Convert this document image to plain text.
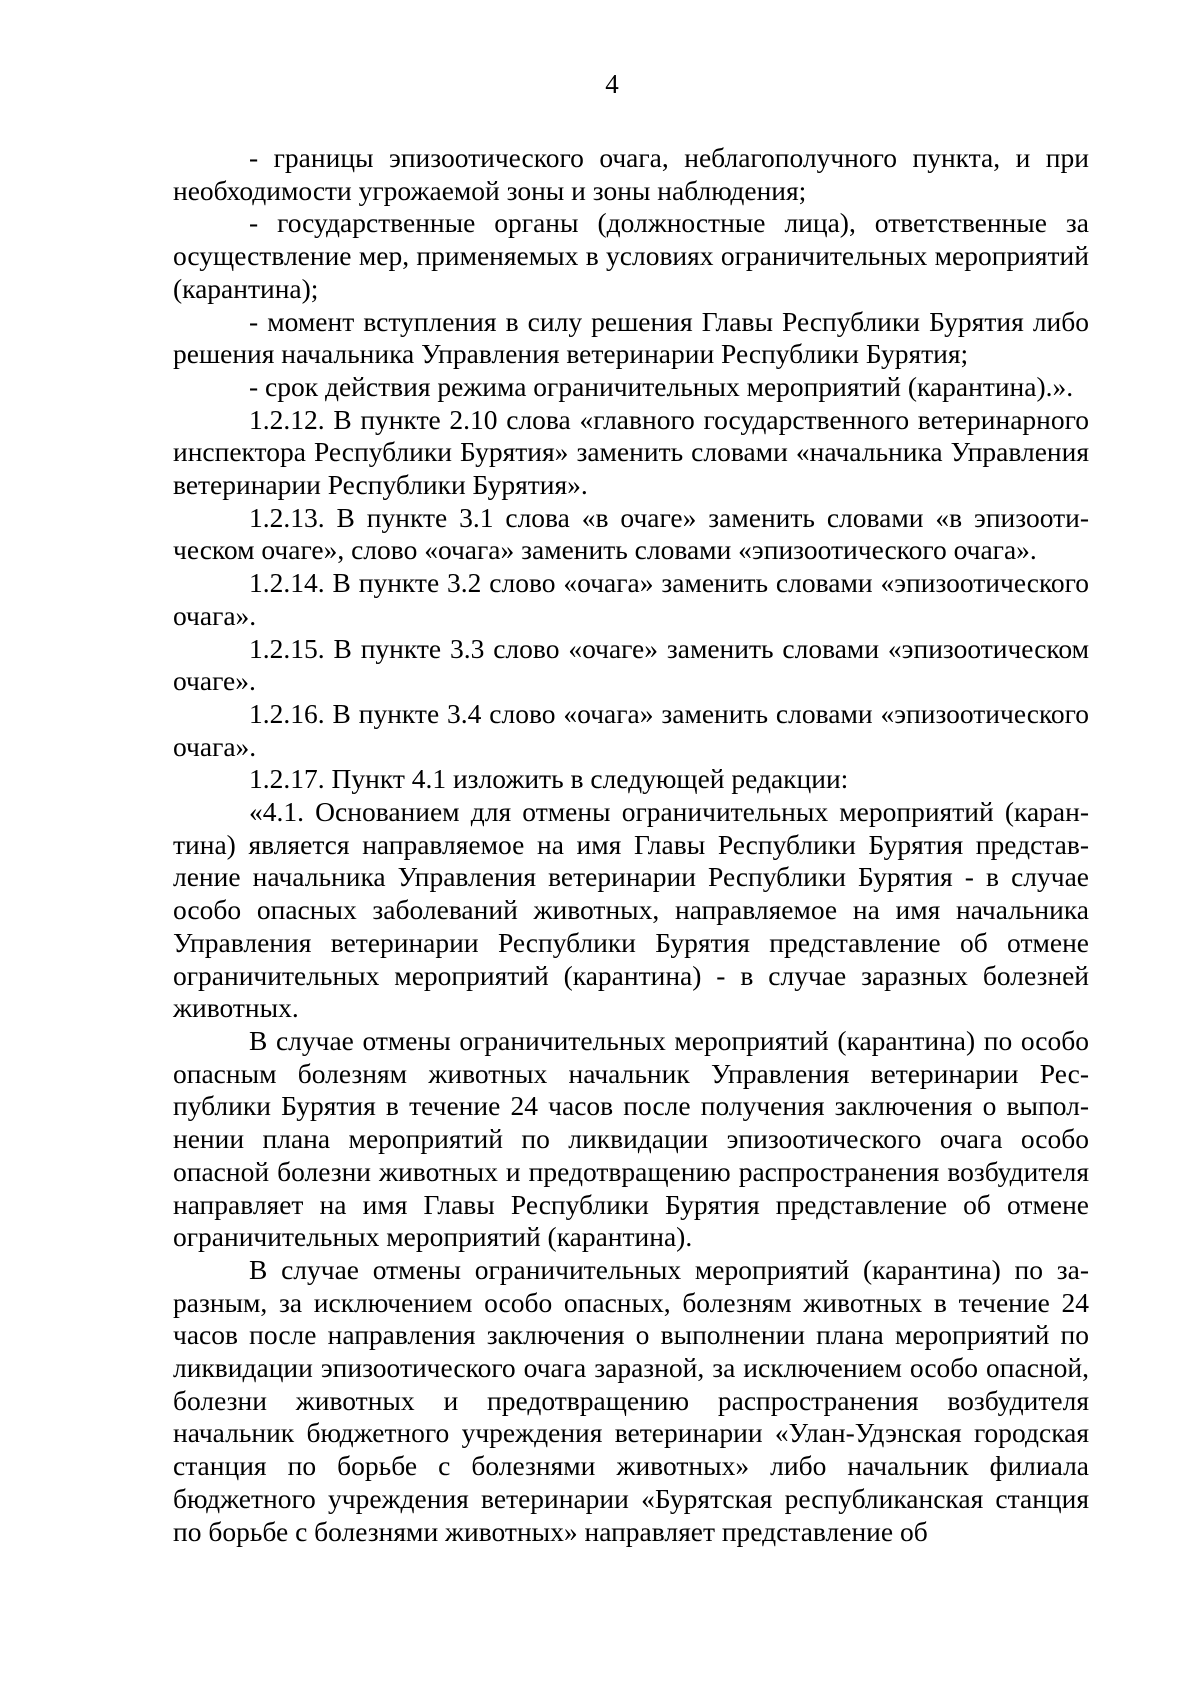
4

- границы эпизоотического очага, неблагополучного пункта, и при необходимости угрожаемой зоны и зоны наблюдения;

- государственные органы (должностные лица), ответственные за осуществление мер, применяемых в условиях ограничительных мероприятий (карантина);

- момент вступления в силу решения Главы Республики Бурятия либо решения начальника Управления ветеринарии Республики Бурятия;

- срок действия режима ограничительных мероприятий (карантина).».

1.2.12. В пункте 2.10 слова «главного государственного ветеринарного инспектора Республики Бурятия» заменить словами «начальника Управления ветеринарии Республики Бурятия».

1.2.13. В пункте 3.1 слова «в очаге» заменить словами «в эпизоотическом очаге», слово «очага» заменить словами «эпизоотического очага».

1.2.14. В пункте 3.2 слово «очага» заменить словами «эпизоотического очага».

1.2.15. В пункте 3.3 слово «очаге» заменить словами «эпизоотическом очаге».

1.2.16. В пункте 3.4 слово «очага» заменить словами «эпизоотического очага».

1.2.17. Пункт 4.1 изложить в следующей редакции:

«4.1. Основанием для отмены ограничительных мероприятий (карантина) является направляемое на имя Главы Республики Бурятия представление начальника Управления ветеринарии Республики Бурятия - в случае особо опасных заболеваний животных, направляемое на имя начальника Управления ветеринарии Республики Бурятия представление об отмене ограничительных мероприятий (карантина) - в случае заразных болезней животных.

В случае отмены ограничительных мероприятий (карантина) по особо опасным болезням животных начальник Управления ветеринарии Республики Бурятия в течение 24 часов после получения заключения о выполнении плана мероприятий по ликвидации эпизоотического очага особо опасной болезни животных и предотвращению распространения возбудителя направляет на имя Главы Республики Бурятия представление об отмене ограничительных мероприятий (карантина).

В случае отмены ограничительных мероприятий (карантина) по заразным, за исключением особо опасных, болезням животных в течение 24 часов после направления заключения о выполнении плана мероприятий по ликвидации эпизоотического очага заразной, за исключением особо опасной, болезни животных и предотвращению распространения возбудителя начальник бюджетного учреждения ветеринарии «Улан-Удэнская городская станция по борьбе с болезнями животных» либо начальник филиала бюджетного учреждения ветеринарии «Бурятская республиканская станция по борьбе с болезнями животных» направляет представление об
